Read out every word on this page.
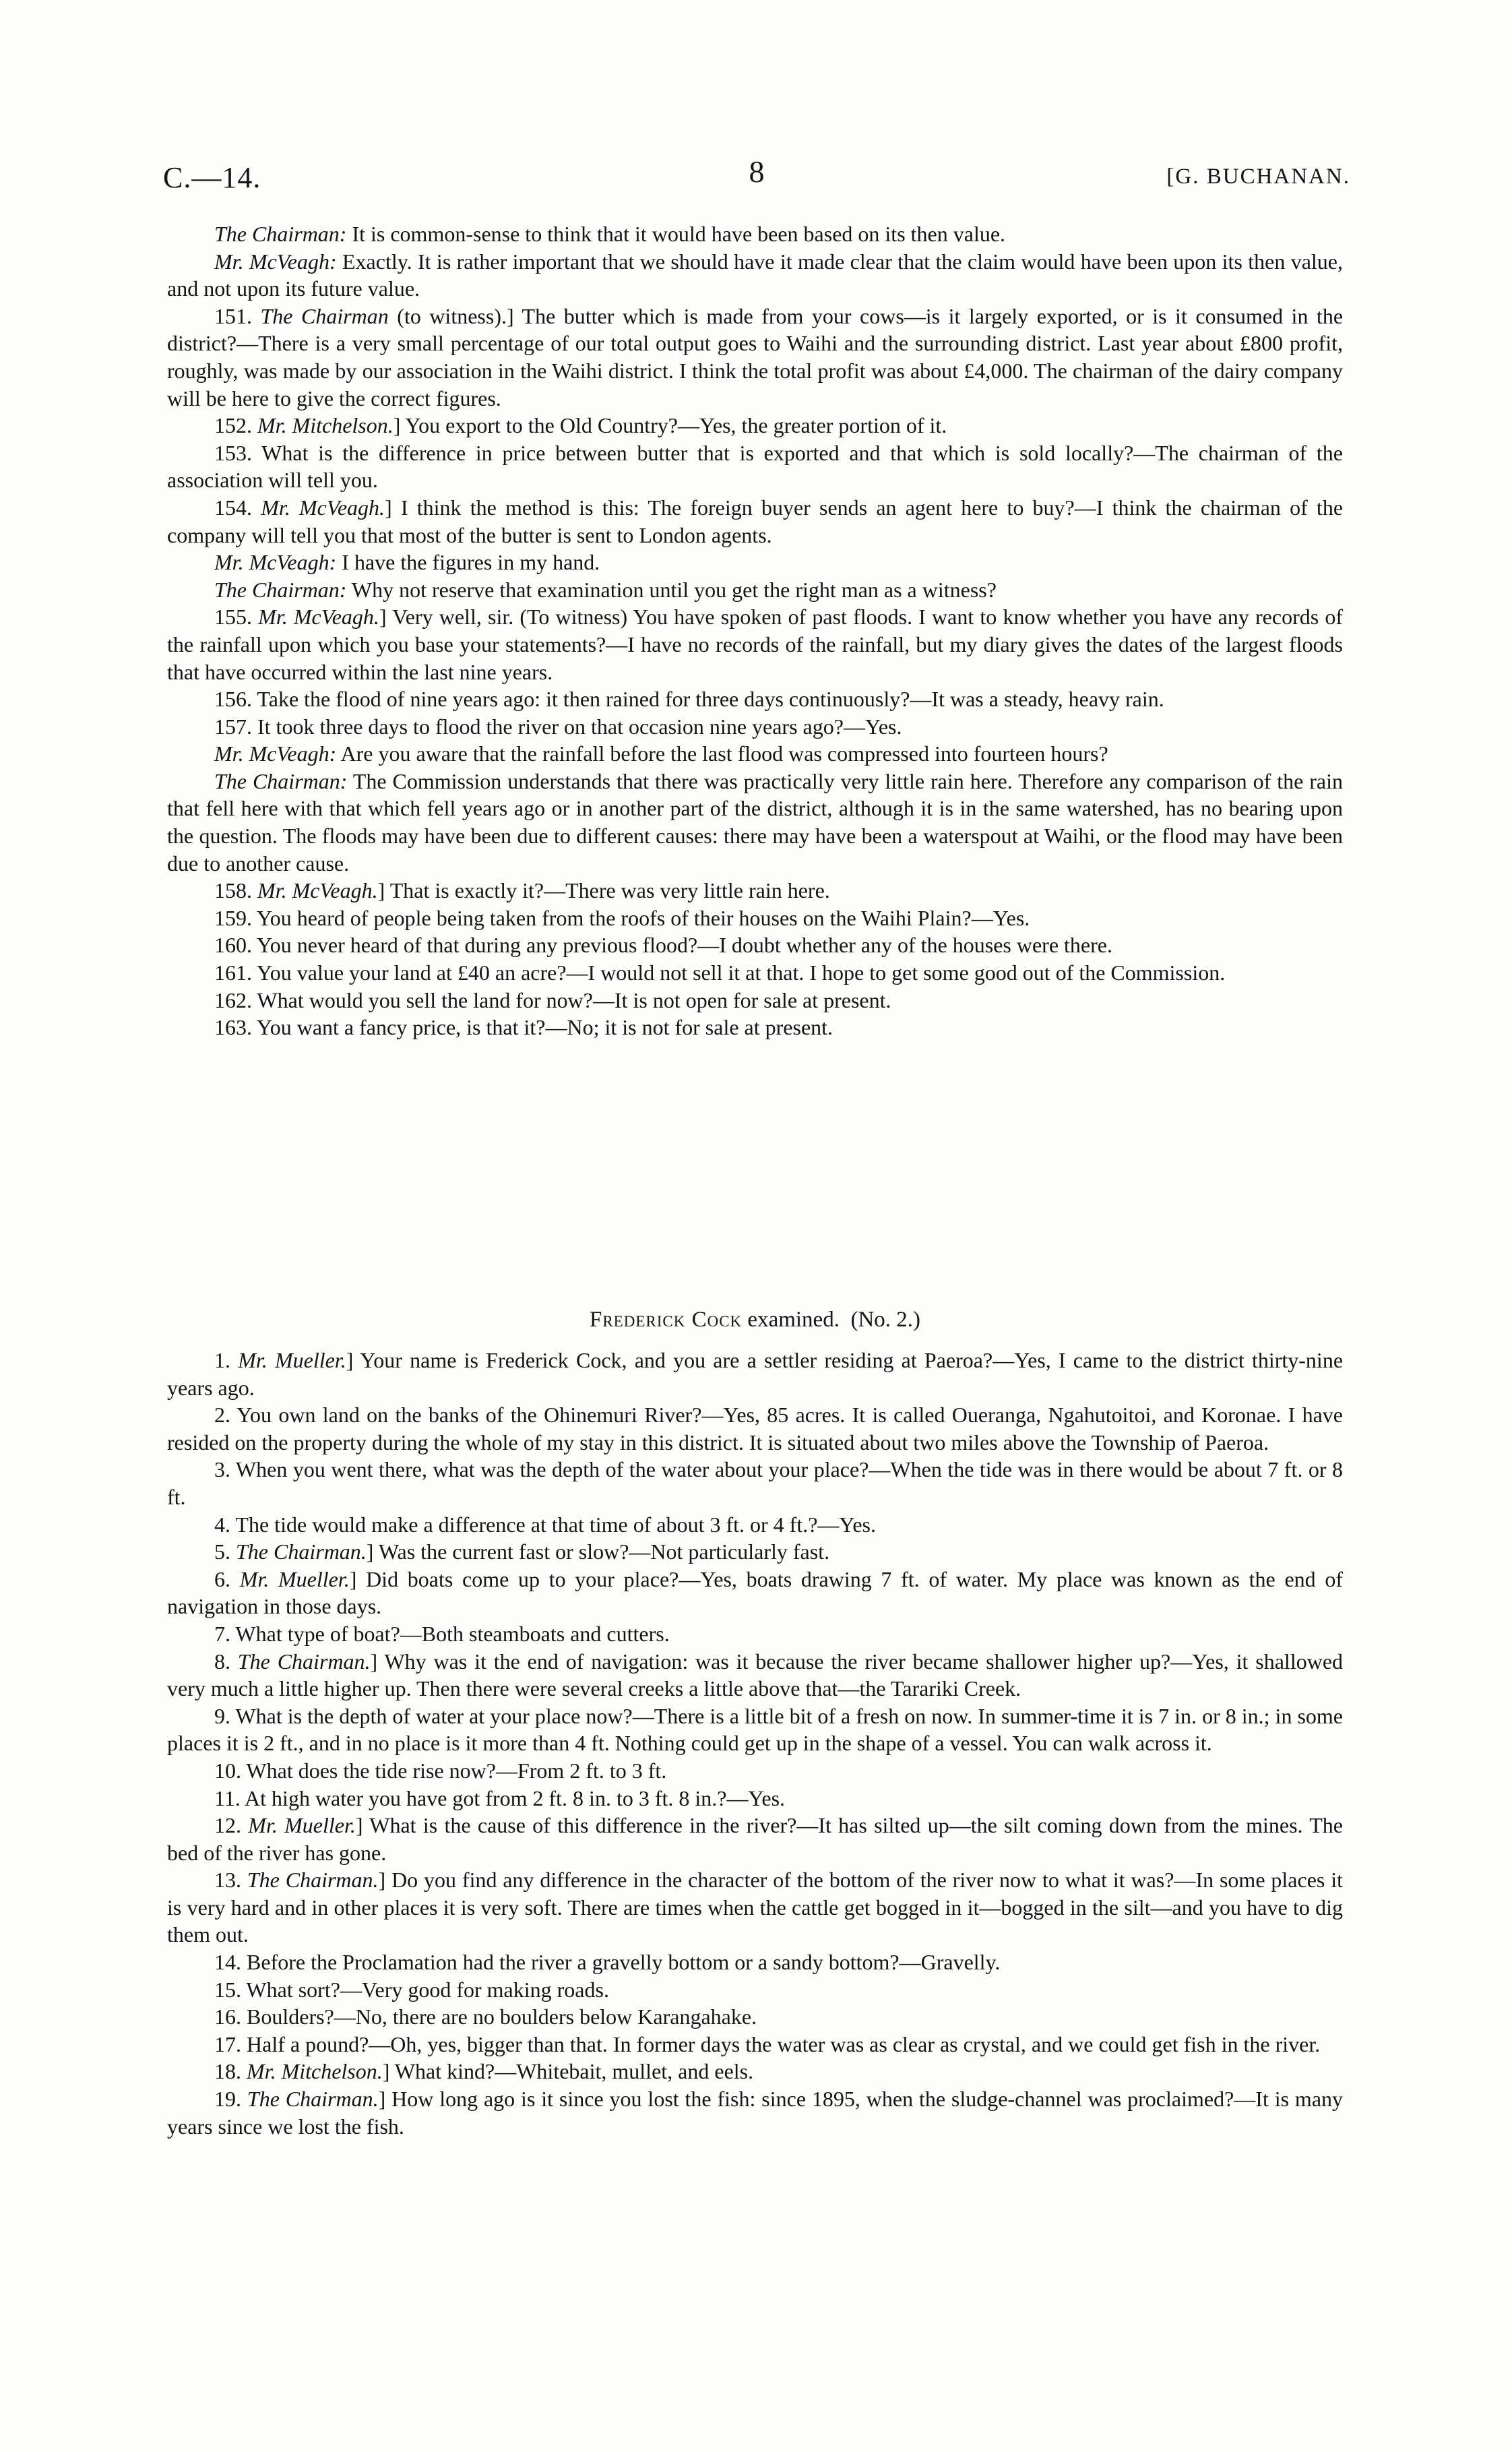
C.—14.	8	[G. BUCHANAN.

The Chairman: It is common-sense to think that it would have been based on its then value.

Mr. McVeagh: Exactly. It is rather important that we should have it made clear that the claim would have been upon its then value, and not upon its future value.

151. The Chairman (to witness).] The butter which is made from your cows—is it largely exported, or is it consumed in the district?—There is a very small percentage of our total output goes to Waihi and the surrounding district. Last year about £800 profit, roughly, was made by our association in the Waihi district. I think the total profit was about £4,000. The chairman of the dairy company will be here to give the correct figures.

152. Mr. Mitchelson.] You export to the Old Country?—Yes, the greater portion of it.

153. What is the difference in price between butter that is exported and that which is sold locally?—The chairman of the association will tell you.

154. Mr. McVeagh.] I think the method is this: The foreign buyer sends an agent here to buy?—I think the chairman of the company will tell you that most of the butter is sent to London agents.

Mr. McVeagh: I have the figures in my hand.

The Chairman: Why not reserve that examination until you get the right man as a witness?

155. Mr. McVeagh.] Very well, sir. (To witness) You have spoken of past floods. I want to know whether you have any records of the rainfall upon which you base your statements?—I have no records of the rainfall, but my diary gives the dates of the largest floods that have occurred within the last nine years.

156. Take the flood of nine years ago: it then rained for three days continuously?—It was a steady, heavy rain.

157. It took three days to flood the river on that occasion nine years ago?—Yes.

Mr. McVeagh: Are you aware that the rainfall before the last flood was compressed into fourteen hours?

The Chairman: The Commission understands that there was practically very little rain here. Therefore any comparison of the rain that fell here with that which fell years ago or in another part of the district, although it is in the same watershed, has no bearing upon the question. The floods may have been due to different causes: there may have been a waterspout at Waihi, or the flood may have been due to another cause.

158. Mr. McVeagh.] That is exactly it?—There was very little rain here.

159. You heard of people being taken from the roofs of their houses on the Waihi Plain?—Yes.

160. You never heard of that during any previous flood?—I doubt whether any of the houses were there.

161. You value your land at £40 an acre?—I would not sell it at that. I hope to get some good out of the Commission.

162. What would you sell the land for now?—It is not open for sale at present.

163. You want a fancy price, is that it?—No; it is not for sale at present.

Frederick Cock examined. (No. 2.)

1. Mr. Mueller.] Your name is Frederick Cock, and you are a settler residing at Paeroa?—Yes, I came to the district thirty-nine years ago.

2. You own land on the banks of the Ohinemuri River?—Yes, 85 acres. It is called Oueranga, Ngahutoitoi, and Koronae. I have resided on the property during the whole of my stay in this district. It is situated about two miles above the Township of Paeroa.

3. When you went there, what was the depth of the water about your place?—When the tide was in there would be about 7 ft. or 8 ft.

4. The tide would make a difference at that time of about 3 ft. or 4 ft.?—Yes.

5. The Chairman.] Was the current fast or slow?—Not particularly fast.

6. Mr. Mueller.] Did boats come up to your place?—Yes, boats drawing 7 ft. of water. My place was known as the end of navigation in those days.

7. What type of boat?—Both steamboats and cutters.

8. The Chairman.] Why was it the end of navigation: was it because the river became shallower higher up?—Yes, it shallowed very much a little higher up. Then there were several creeks a little above that—the Tarariki Creek.

9. What is the depth of water at your place now?—There is a little bit of a fresh on now. In summer-time it is 7 in. or 8 in.; in some places it is 2 ft., and in no place is it more than 4 ft. Nothing could get up in the shape of a vessel. You can walk across it.

10. What does the tide rise now?—From 2 ft. to 3 ft.

11. At high water you have got from 2 ft. 8 in. to 3 ft. 8 in.?—Yes.

12. Mr. Mueller.] What is the cause of this difference in the river?—It has silted up—the silt coming down from the mines. The bed of the river has gone.

13. The Chairman.] Do you find any difference in the character of the bottom of the river now to what it was?—In some places it is very hard and in other places it is very soft. There are times when the cattle get bogged in it—bogged in the silt—and you have to dig them out.

14. Before the Proclamation had the river a gravelly bottom or a sandy bottom?—Gravelly.

15. What sort?—Very good for making roads.

16. Boulders?—No, there are no boulders below Karangahake.

17. Half a pound?—Oh, yes, bigger than that. In former days the water was as clear as crystal, and we could get fish in the river.

18. Mr. Mitchelson.] What kind?—Whitebait, mullet, and eels.

19. The Chairman.] How long ago is it since you lost the fish: since 1895, when the sludge-channel was proclaimed?—It is many years since we lost the fish.
